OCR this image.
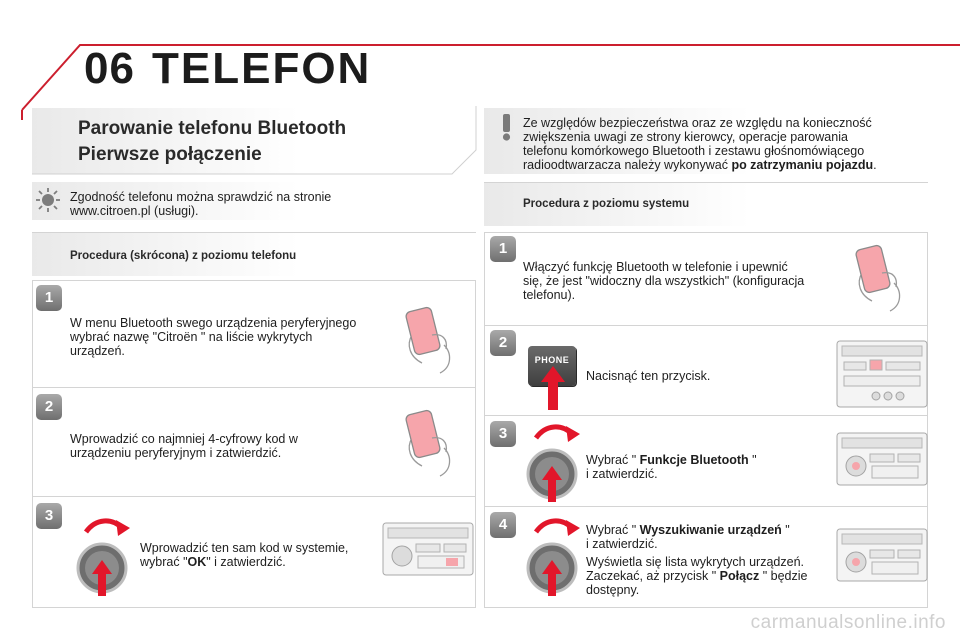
06 TELEFON
Parowanie telefonu Bluetooth
Pierwsze połączenie
Zgodność telefonu można sprawdzić na stronie
www.citroen.pl (usługi).
Procedura (skrócona) z poziomu telefonu
1
W menu Bluetooth swego urządzenia peryferyjnego
wybrać nazwę "Citroën " na liście wykrytych
urządzeń.
2
Wprowadzić co najmniej 4-cyfrowy kod w
urządzeniu peryferyjnym i zatwierdzić.
3
Wprowadzić ten sam kod w systemie,
wybrać "OK" i zatwierdzić.
Ze względów bezpieczeństwa oraz ze względu na konieczność
zwiększenia uwagi ze strony kierowcy, operacje parowania
telefonu komórkowego Bluetooth i zestawu głośnomówiącego
radioodtwarzacza należy wykonywać po zatrzymaniu pojazdu.
Procedura z poziomu systemu
1
Włączyć funkcję Bluetooth w telefonie i upewnić
się, że jest "widoczny dla wszystkich" (konfiguracja
telefonu).
2
PHONE
Nacisnąć ten przycisk.
3
Wybrać " Funkcje Bluetooth "
i zatwierdzić.
4	Wybrać " Wyszukiwanie urządzeń "
i zatwierdzić.
Wyświetla się lista wykrytych urządzeń.
Zaczekać, aż przycisk " Połącz " będzie
dostępny.
carmanualsonline.info
